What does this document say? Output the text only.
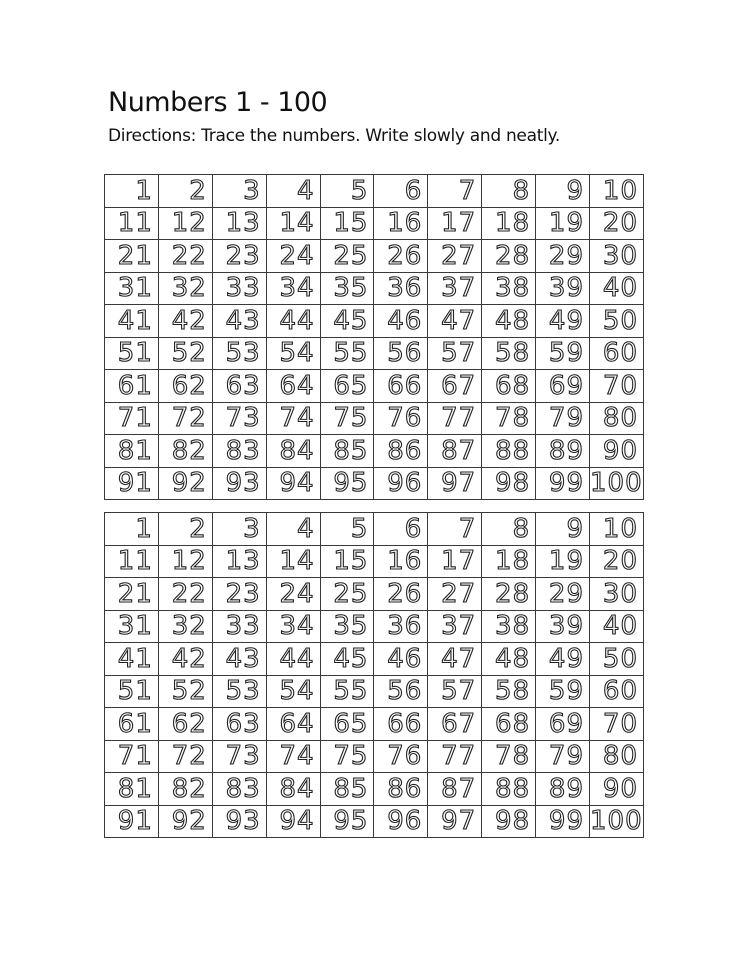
Numbers 1 - 100
Directions: Trace the numbers. Write slowly and neatly.
1	2	3	4	5	6	7	8	9	10
11	12	13	14	15	16	17	18	19	20
21	22	23	24	25	26	27	28	29	30
31	32	33	34	35	36	37	38	39	40
41	42	43	44	45	46	47	48	49	50
51	52	53	54	55	56	57	58	59	60
61	62	63	64	65	66	67	68	69	70
71	72	73	74	75	76	77	78	79	80
81	82	83	84	85	86	87	88	89	90
91	92	93	94	95	96	97	98	99	100
1	2	3	4	5	6	7	8	9	10
11	12	13	14	15	16	17	18	19	20
21	22	23	24	25	26	27	28	29	30
31	32	33	34	35	36	37	38	39	40
41	42	43	44	45	46	47	48	49	50
51	52	53	54	55	56	57	58	59	60
61	62	63	64	65	66	67	68	69	70
71	72	73	74	75	76	77	78	79	80
81	82	83	84	85	86	87	88	89	90
91	92	93	94	95	96	97	98	99	100
